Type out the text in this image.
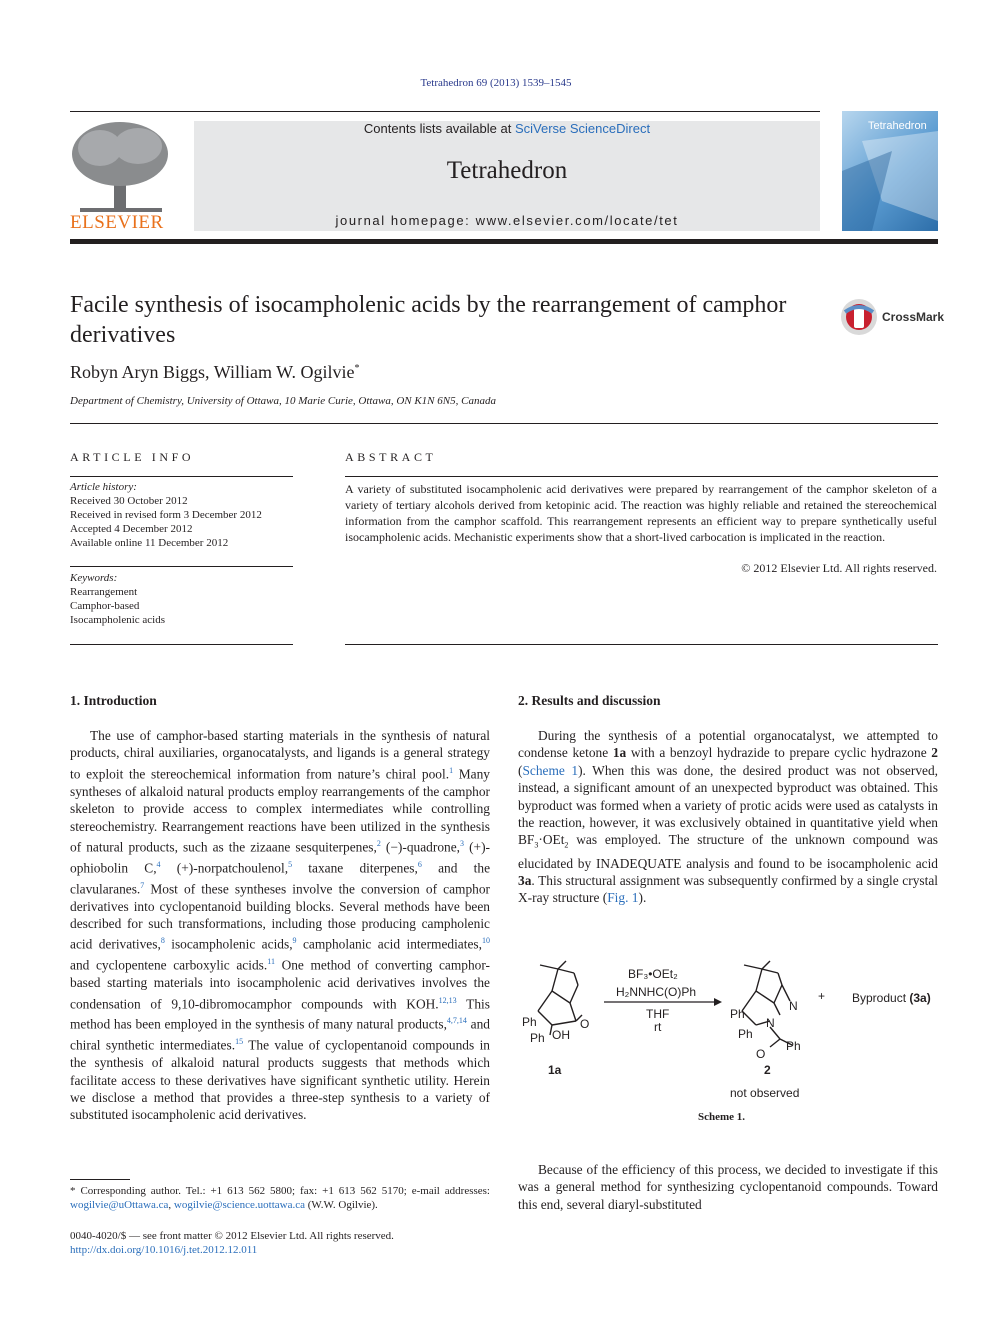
Tetrahedron 69 (2013) 1539–1545
ELSEVIER
Contents lists available at SciVerse ScienceDirect
Tetrahedron
journal homepage: www.elsevier.com/locate/tet
Tetrahedron
Facile synthesis of isocampholenic acids by the rearrangement of camphor derivatives
CrossMark
Robyn Aryn Biggs, William W. Ogilvie*
Department of Chemistry, University of Ottawa, 10 Marie Curie, Ottawa, ON K1N 6N5, Canada
ARTICLE INFO
Article history:
Received 30 October 2012
Received in revised form 3 December 2012
Accepted 4 December 2012
Available online 11 December 2012
Keywords:
Rearrangement
Camphor-based
Isocampholenic acids
ABSTRACT
A variety of substituted isocampholenic acid derivatives were prepared by rearrangement of the camphor skeleton of a variety of tertiary alcohols derived from ketopinic acid. The reaction was highly reliable and retained the stereochemical information from the camphor scaffold. This rearrangement represents an efficient way to prepare synthetically useful isocampholenic acids. Mechanistic experiments show that a short-lived carbocation is implicated in the reaction.
© 2012 Elsevier Ltd. All rights reserved.
1. Introduction

The use of camphor-based starting materials in the synthesis of natural products, chiral auxiliaries, organocatalysts, and ligands is a general strategy to exploit the stereochemical information from nature’s chiral pool.$^1$ Many syntheses of alkaloid natural products employ rearrangements of the camphor skeleton to provide access to complex intermediates while controlling stereochemistry. Rearrangement reactions have been utilized in the synthesis of natural products, such as the zizaane sesquiterpenes,$^2$ (−)-quadrone,$^3$ (+)-ophiobolin C,$^4$ (+)-norpatchoulenol,$^5$ taxane diterpenes,$^6$ and the clavularanes.$^7$ Most of these syntheses involve the conversion of camphor derivatives into cyclopentanoid building blocks. Several methods have been described for such transformations, including those producing campholenic acid derivatives,$^8$ isocampholenic acids,$^9$ campholanic acid intermediates,$^{10}$ and cyclopentene carboxylic acids.$^{11}$ One method of converting camphor-based starting materials into isocampholenic acid derivatives involves the condensation of 9,10-dibromocamphor compounds with KOH.$^{12,13}$ This method has been employed in the synthesis of many natural products,$^{4,7,14}$ and chiral synthetic intermediates.$^{15}$ The value of cyclopentanoid compounds in the synthesis of alkaloid natural products suggests that methods which facilitate access to these derivatives have significant synthetic utility. Herein we disclose a method that provides a three-step synthesis to a variety of substituted isocampholenic acid derivatives.

* Corresponding author. Tel.: +1 613 562 5800; fax: +1 613 562 5170; e-mail addresses: wogilvie@uOttawa.ca, wogilvie@science.uottawa.ca (W.W. Ogilvie).
0040-4020/$ — see front matter © 2012 Elsevier Ltd. All rights reserved.
http://dx.doi.org/10.1016/j.tet.2012.12.011
2. Results and discussion

During the synthesis of a potential organocatalyst, we attempted to condense ketone 1a with a benzoyl hydrazide to prepare cyclic hydrazone 2 (Scheme 1). When this was done, the desired product was not observed, instead, a significant amount of an unexpected byproduct was obtained. This byproduct was formed when a variety of protic acids were used as catalysts in the reaction, however, it was exclusively obtained in quantitative yield when $BF_3\cdot OEt_2$ was employed. The structure of the unknown compound was elucidated by INADEQUATE analysis and found to be isocampholenic acid 3a. This structural assignment was subsequently confirmed by a single crystal X-ray structure (Fig. 1).

Ph
Ph OH
O
1a
BF₃•OEt₂
H₂NNHC(O)Ph
THF
rt
N
N
Ph
Ph
O
Ph
2
not observed
+ Byproduct (3a)
Scheme 1.

Because of the efficiency of this process, we decided to investigate if this was a general method for synthesizing cyclopentanoid compounds. Toward this end, several diaryl-substituted
